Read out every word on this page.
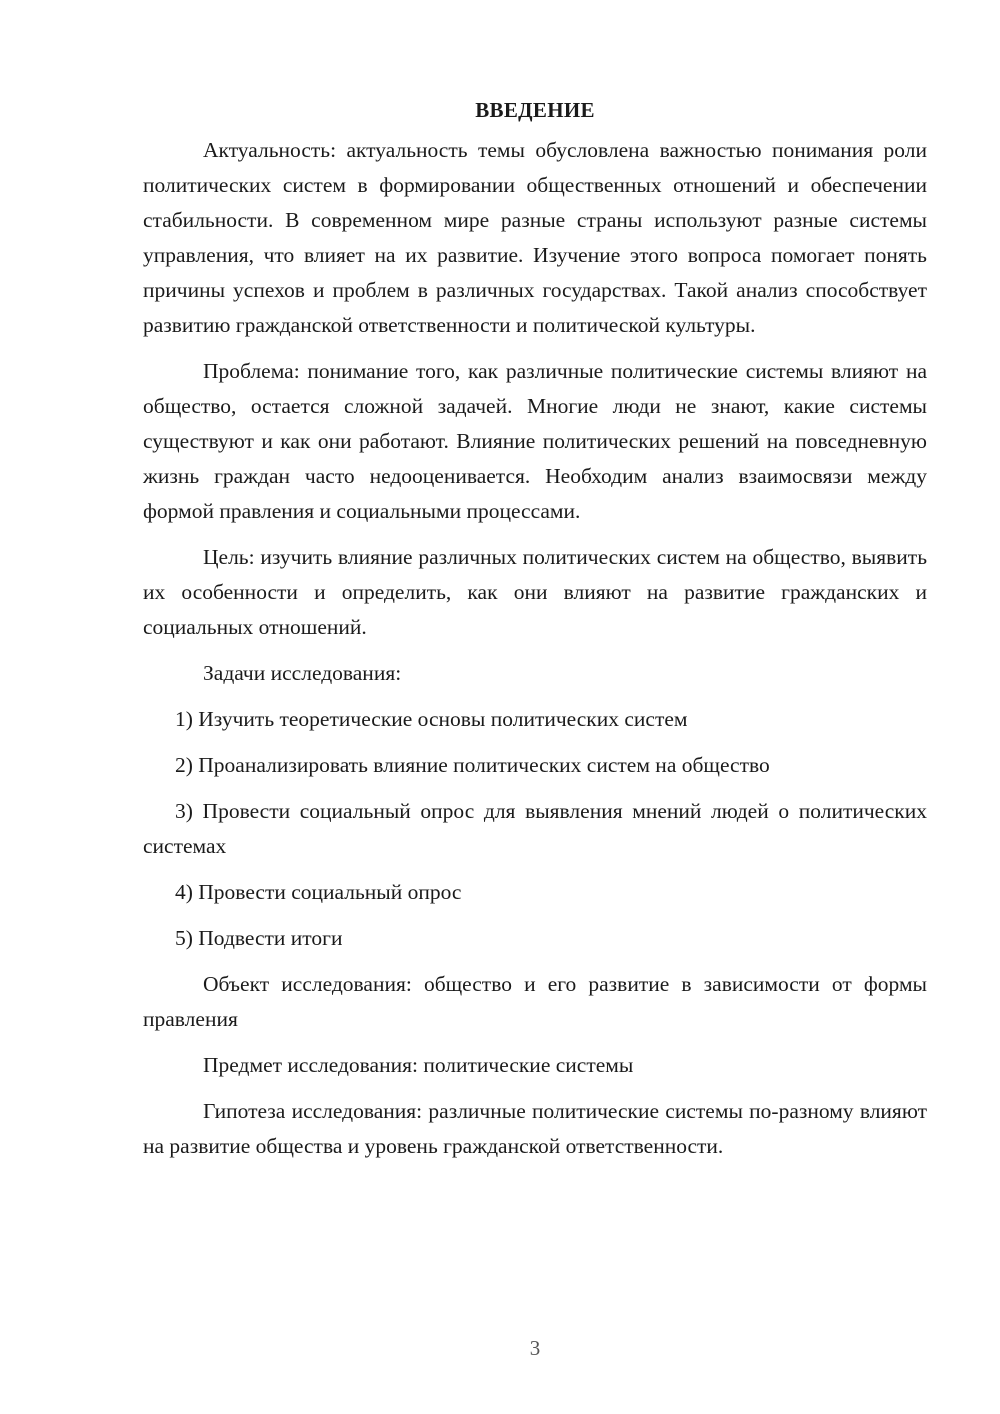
ВВЕДЕНИЕ

Актуальность: актуальность темы обусловлена важностью понимания роли политических систем в формировании общественных отношений и обеспечении стабильности. В современном мире разные страны используют разные системы управления, что влияет на их развитие. Изучение этого вопроса помогает понять причины успехов и проблем в различных государствах. Такой анализ способствует развитию гражданской ответственности и политической культуры.

Проблема: понимание того, как различные политические системы влияют на общество, остается сложной задачей. Многие люди не знают, какие системы существуют и как они работают. Влияние политических решений на повседневную жизнь граждан часто недооценивается. Необходим анализ взаимосвязи между формой правления и социальными процессами.

Цель: изучить влияние различных политических систем на общество, выявить их особенности и определить, как они влияют на развитие гражданских и социальных отношений.

Задачи исследования:

1) Изучить теоретические основы политических систем

2) Проанализировать влияние политических систем на общество

3) Провести социальный опрос для выявления мнений людей о политических системах

4) Провести социальный опрос

5) Подвести итоги

Объект исследования: общество и его развитие в зависимости от формы правления

Предмет исследования: политические системы

Гипотеза исследования: различные политические системы по-разному влияют на развитие общества и уровень гражданской ответственности.

3
